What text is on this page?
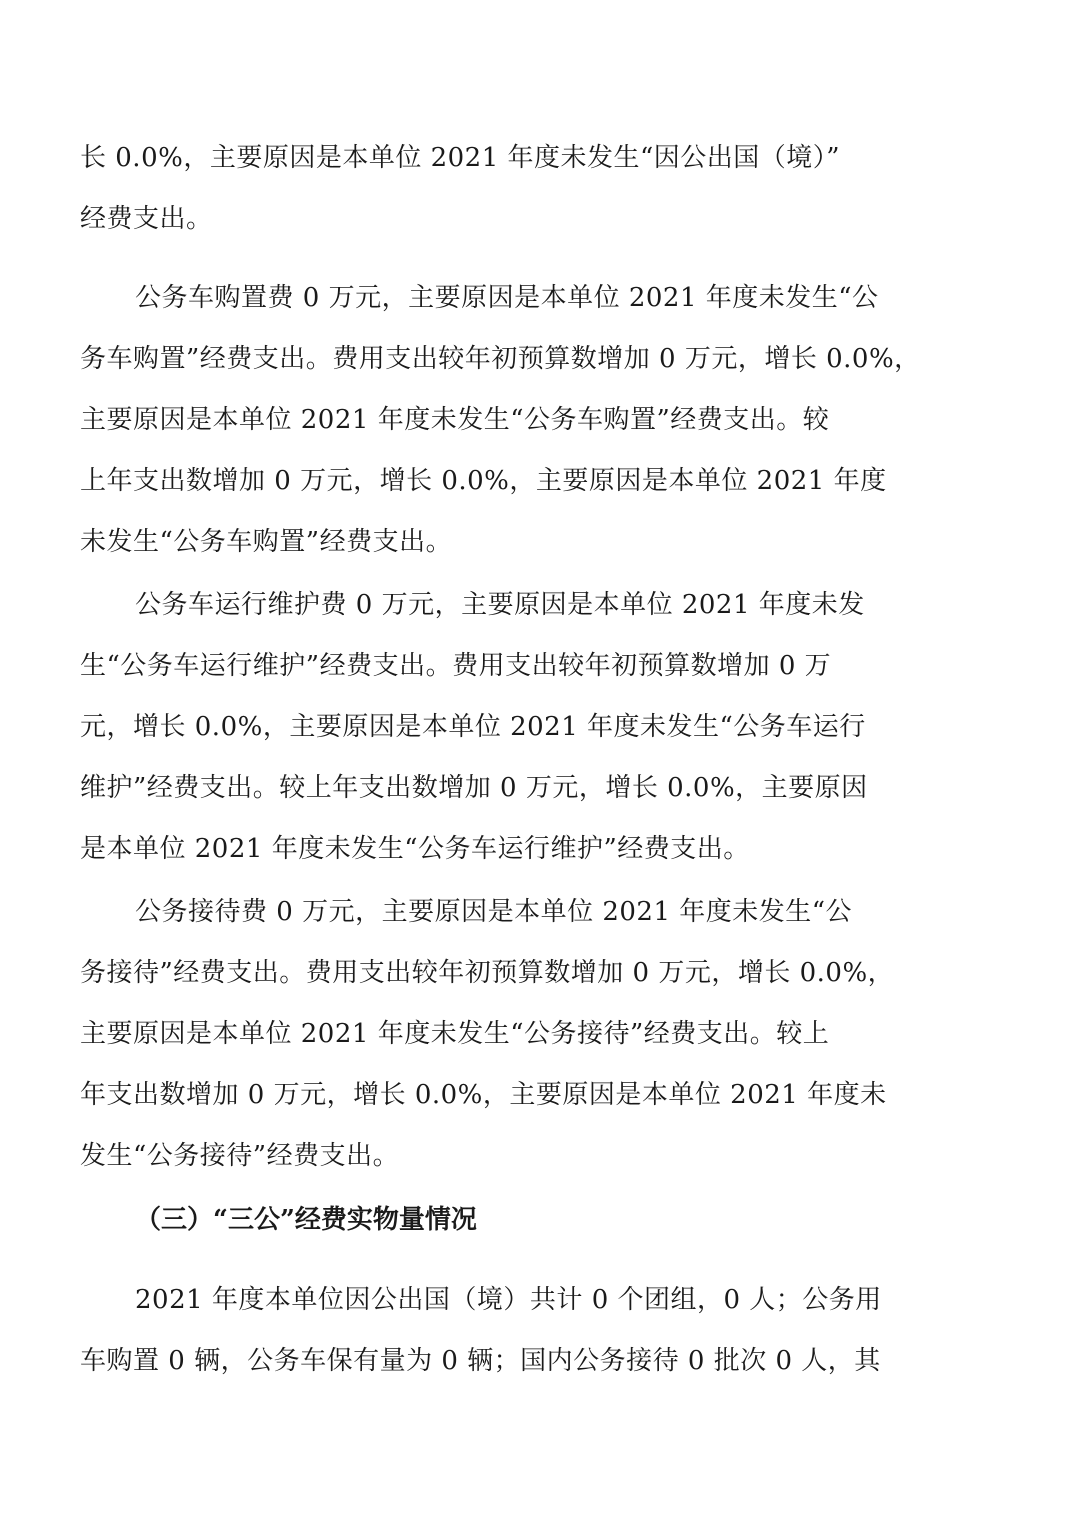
长 0.0%，主要原因是本单位 2021 年度未发生“因公出国（境）”
经费支出。
公务车购置费 0 万元，主要原因是本单位 2021 年度未发生“公
务车购置”经费支出。费用支出较年初预算数增加 0 万元，增长 0.0%，
主要原因是本单位 2021 年度未发生“公务车购置”经费支出。较
上年支出数增加 0 万元，增长 0.0%，主要原因是本单位 2021 年度
未发生“公务车购置”经费支出。
公务车运行维护费 0 万元，主要原因是本单位 2021 年度未发
生“公务车运行维护”经费支出。费用支出较年初预算数增加 0 万
元，增长 0.0%，主要原因是本单位 2021 年度未发生“公务车运行
维护”经费支出。较上年支出数增加 0 万元，增长 0.0%，主要原因
是本单位 2021 年度未发生“公务车运行维护”经费支出。
公务接待费 0 万元，主要原因是本单位 2021 年度未发生“公
务接待”经费支出。费用支出较年初预算数增加 0 万元，增长 0.0%，
主要原因是本单位 2021 年度未发生“公务接待”经费支出。较上
年支出数增加 0 万元，增长 0.0%，主要原因是本单位 2021 年度未
发生“公务接待”经费支出。
（三）“三公”经费实物量情况
2021 年度本单位因公出国（境）共计 0 个团组，0 人；公务用
车购置 0 辆，公务车保有量为 0 辆；国内公务接待 0 批次 0 人，其
